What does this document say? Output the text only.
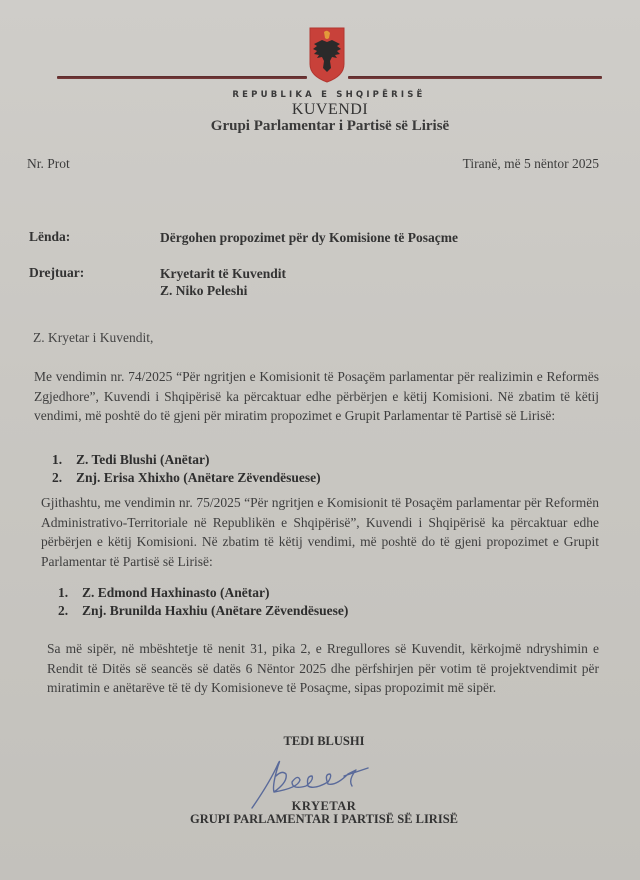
REPUBLIKA E SHQIPËRISË
KUVENDI
Grupi Parlamentar i Partisë së Lirisë
Nr. Prot	Tiranë, më 5 nëntor 2025
Lënda:	Dërgohen propozimet për dy Komisione të Posaçme
Drejtuar:	Kryetarit të Kuvendit
Z. Niko Peleshi
Z. Kryetar i Kuvendit,
Me vendimin nr. 74/2025 “Për ngritjen e Komisionit të Posaçëm parlamentar për realizimin e Reformës Zgjedhore”, Kuvendi i Shqipërisë ka përcaktuar edhe përbërjen e këtij Komisioni. Në zbatim të këtij vendimi, më poshtë do të gjeni për miratim propozimet e Grupit Parlamentar të Partisë së Lirisë:
1. Z. Tedi Blushi (Anëtar)
2. Znj. Erisa Xhixho (Anëtare Zëvendësuese)
Gjithashtu, me vendimin nr. 75/2025 “Për ngritjen e Komisionit të Posaçëm parlamentar për Reformën Administrativo-Territoriale në Republikën e Shqipërisë”, Kuvendi i Shqipërisë ka përcaktuar edhe përbërjen e këtij Komisioni. Në zbatim të këtij vendimi, më poshtë do të gjeni propozimet e Grupit Parlamentar të Partisë së Lirisë:
1. Z. Edmond Haxhinasto (Anëtar)
2. Znj. Brunilda Haxhiu (Anëtare Zëvendësuese)
Sa më sipër, në mbështetje të nenit 31, pika 2, e Rregullores së Kuvendit, kërkojmë ndryshimin e Rendit të Ditës së seancës së datës 6 Nëntor 2025 dhe përfshirjen për votim të projektvendimit për miratimin e anëtarëve të të dy Komisioneve të Posaçme, sipas propozimit më sipër.
TEDI BLUSHI
KRYETAR
GRUPI PARLAMENTAR I PARTISË SË LIRISË
